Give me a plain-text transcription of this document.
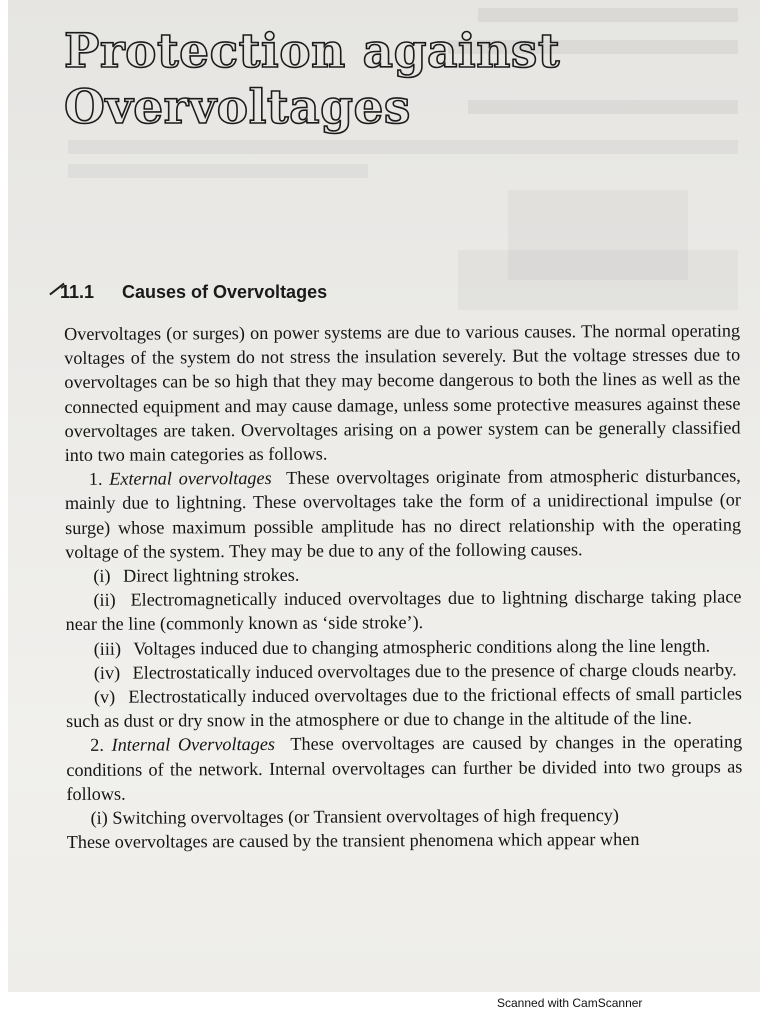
Protection against
Overvoltages
11.1 Causes of Overvoltages

Overvoltages (or surges) on power systems are due to various causes. The normal operating voltages of the system do not stress the insulation severely. But the voltage stresses due to overvoltages can be so high that they may become dangerous to both the lines as well as the connected equipment and may cause damage, unless some protective measures against these overvoltages are taken. Overvoltages arising on a power system can be generally classified into two main categories as follows.

1. External overvoltages These overvoltages originate from atmospheric disturbances, mainly due to lightning. These overvoltages take the form of a unidirectional impulse (or surge) whose maximum possible amplitude has no direct relationship with the operating voltage of the system. They may be due to any of the following causes.

(i) Direct lightning strokes.

(ii) Electromagnetically induced overvoltages due to lightning discharge taking place near the line (commonly known as ‘side stroke’).

(iii) Voltages induced due to changing atmospheric conditions along the line length.

(iv) Electrostatically induced overvoltages due to the presence of charge clouds nearby.

(v) Electrostatically induced overvoltages due to the frictional effects of small particles such as dust or dry snow in the atmosphere or due to change in the altitude of the line.

2. Internal Overvoltages These overvoltages are caused by changes in the operating conditions of the network. Internal overvoltages can further be divided into two groups as follows.

(i) Switching overvoltages (or Transient overvoltages of high frequency)

These overvoltages are caused by the transient phenomena which appear when

Scanned with CamScanner
